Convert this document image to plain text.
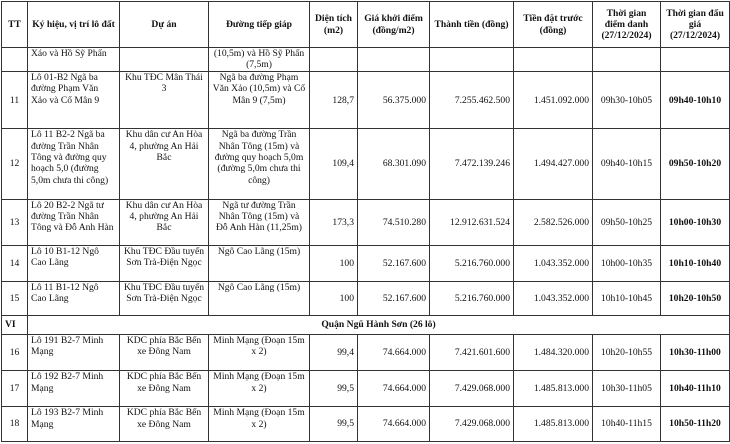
TT	Ký hiệu, vị trí lô đất	Dự án	Đường tiếp giáp	Diện tích (m2)	Giá khởi điểm (đồng/m2)	Thành tiền (đồng)	Tiền đặt trước (đồng)	Thời gian điểm danh (27/12/2024)	Thời gian đấu giá (27/12/2024)
	Xáo và Hồ Sỹ Phấn		(10,5m) và Hồ Sỹ Phấn (7,5m)						
11	Lô 01-B2 Ngã ba đường Phạm Văn Xảo và Cổ Mân 9	Khu TĐC Mân Thái 3	Ngã ba đường Phạm Văn Xảo (10,5m) và Cổ Mân 9 (7,5m)	128,7	56.375.000	7.255.462.500	1.451.092.000	09h30-10h05	09h40-10h10
12	Lô 11 B2-2 Ngã ba đường Trần Nhân Tông và đường quy hoạch 5,0 (đường 5,0m chưa thi công)	Khu dân cư An Hòa 4, phường An Hải Bắc	Ngã ba đường Trần Nhân Tông (15m) và đường quy hoạch 5,0m (đường 5,0m chưa thi công)	109,4	68.301.090	7.472.139.246	1.494.427.000	09h40-10h15	09h50-10h20
13	Lô 20 B2-2 Ngã tư đường Trần Nhân Tông và Đỗ Anh Hàn	Khu dân cư An Hòa 4, phường An Hải Bắc	Ngã tư đường Trần Nhân Tông (15m) và Đỗ Anh Hàn (11,25m)	173,3	74.510.280	12.912.631.524	2.582.526.000	09h50-10h25	10h00-10h30
14	Lô 10 B1-12 Ngô Cao Lãng	Khu TĐC Đầu tuyến Sơn Trà-Điện Ngọc	Ngô Cao Lãng (15m)	100	52.167.600	5.216.760.000	1.043.352.000	10h00-10h35	10h10-10h40
15	Lô 11 B1-12 Ngô Cao Lãng	Khu TĐC Đầu tuyến Sơn Trà-Điện Ngọc	Ngô Cao Lãng (15m)	100	52.167.600	5.216.760.000	1.043.352.000	10h10-10h45	10h20-10h50
VI	Quận Ngũ Hành Sơn (26 lô)								
16	Lô 191 B2-7 Minh Mạng	KDC phía Bắc Bến xe Đông Nam	Minh Mạng (Đoạn 15m x 2)	99,4	74.664.000	7.421.601.600	1.484.320.000	10h20-10h55	10h30-11h00
17	Lô 192 B2-7 Minh Mạng	KDC phía Bắc Bến xe Đông Nam	Minh Mạng (Đoạn 15m x 2)	99,5	74.664.000	7.429.068.000	1.485.813.000	10h30-11h05	10h40-11h10
18	Lô 193 B2-7 Minh Mạng	KDC phía Bắc Bến xe Đông Nam	Minh Mạng (Đoạn 15m x 2)	99,5	74.664.000	7.429.068.000	1.485.813.000	10h40-11h15	10h50-11h20
